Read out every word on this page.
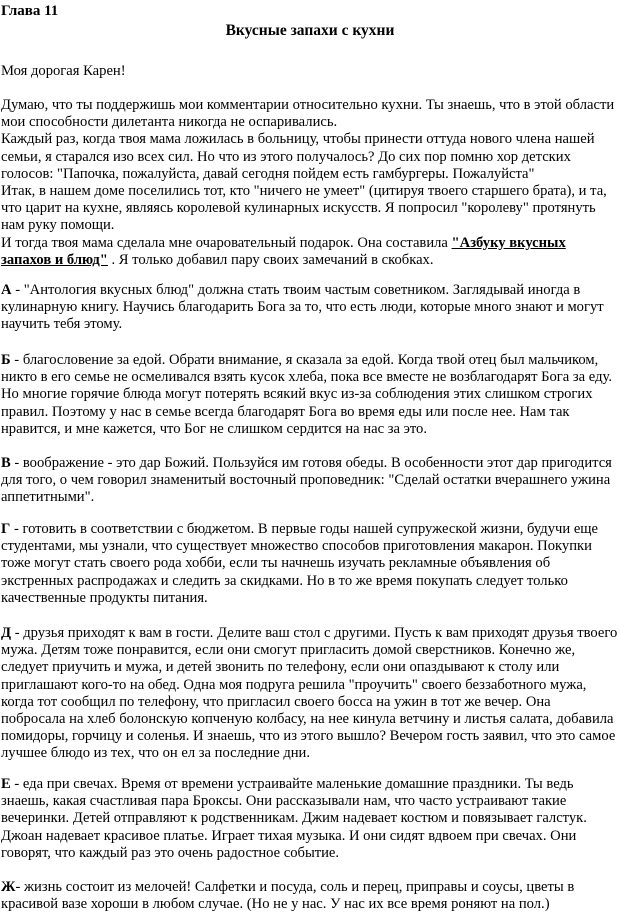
Глава 11
Вкусные запахи с кухни
Моя дорогая Карен!
Думаю, что ты поддержишь мои комментарии относительно кухни. Ты знаешь, что в этой области
мои способности дилетанта никогда не оспаривались.
Каждый раз, когда твоя мама ложилась в больницу, чтобы принести оттуда нового члена нашей
семьи, я старался изо всех сил. Но что из этого получалось? До сих пор помню хор детских
голосов: "Папочка, пожалуйста, давай сегодня пойдем есть гамбургеры. Пожалуйста"
Итак, в нашем доме поселились тот, кто "ничего не умеет" (цитируя твоего старшего брата), и та,
что царит на кухне, являясь королевой кулинарных искусств. Я попросил "королеву" протянуть
нам руку помощи.
И тогда твоя мама сделала мне очаровательный подарок. Она составила "Азбуку вкусных
запахов и блюд" . Я только добавил пару своих замечаний в скобках.
А - "Антология вкусных блюд" должна стать твоим частым советником. Заглядывай иногда в
кулинарную книгу. Научись благодарить Бога за то, что есть люди, которые много знают и могут
научить тебя этому.
Б - благословение за едой. Обрати внимание, я сказала за едой. Когда твой отец был мальчиком,
никто в его семье не осмеливался взять кусок хлеба, пока все вместе не возблагодарят Бога за еду.
Но многие горячие блюда могут потерять всякий вкус из-за соблюдения этих слишком строгих
правил. Поэтому у нас в семье всегда благодарят Бога во время еды или после нее. Нам так
нравится, и мне кажется, что Бог не слишком сердится на нас за это.
В - воображение - это дар Божий. Пользуйся им готовя обеды. В особенности этот дар пригодится
для того, о чем говорил знаменитый восточный проповедник: "Сделай остатки вчерашнего ужина
аппетитными".
Г - готовить в соответствии с бюджетом. В первые годы нашей супружеской жизни, будучи еще
студентами, мы узнали, что существует множество способов приготовления макарон. Покупки
тоже могут стать своего рода хобби, если ты начнешь изучать рекламные объявления об
экстренных распродажах и следить за скидками. Но в то же время покупать следует только
качественные продукты питания.
Д - друзья приходят к вам в гости. Делите ваш стол с другими. Пусть к вам приходят друзья твоего
мужа. Детям тоже понравится, если они смогут пригласить домой сверстников. Конечно же,
следует приучить и мужа, и детей звонить по телефону, если они опаздывают к столу или
приглашают кого-то на обед. Одна моя подруга решила "проучить" своего беззаботного мужа,
когда тот сообщил по телефону, что пригласил своего босса на ужин в тот же вечер. Она
побросала на хлеб болонскую копченую колбасу, на нее кинула ветчину и листья салата, добавила
помидоры, горчицу и соленья. И знаешь, что из этого вышло? Вечером гость заявил, что это самое
лучшее блюдо из тех, что он ел за последние дни.
Е - еда при свечах. Время от времени устраивайте маленькие домашние праздники. Ты ведь
знаешь, какая счастливая пара Броксы. Они рассказывали нам, что часто устраивают такие
вечеринки. Детей отправляют к родственникам. Джим надевает костюм и повязывает галстук.
Джоан надевает красивое платье. Играет тихая музыка. И они сидят вдвоем при свечах. Они
говорят, что каждый раз это очень радостное событие.
Ж- жизнь состоит из мелочей! Салфетки и посуда, соль и перец, приправы и соусы, цветы в
красивой вазе хороши в любом случае. (Но не у нас. У нас их все время роняют на пол.)
